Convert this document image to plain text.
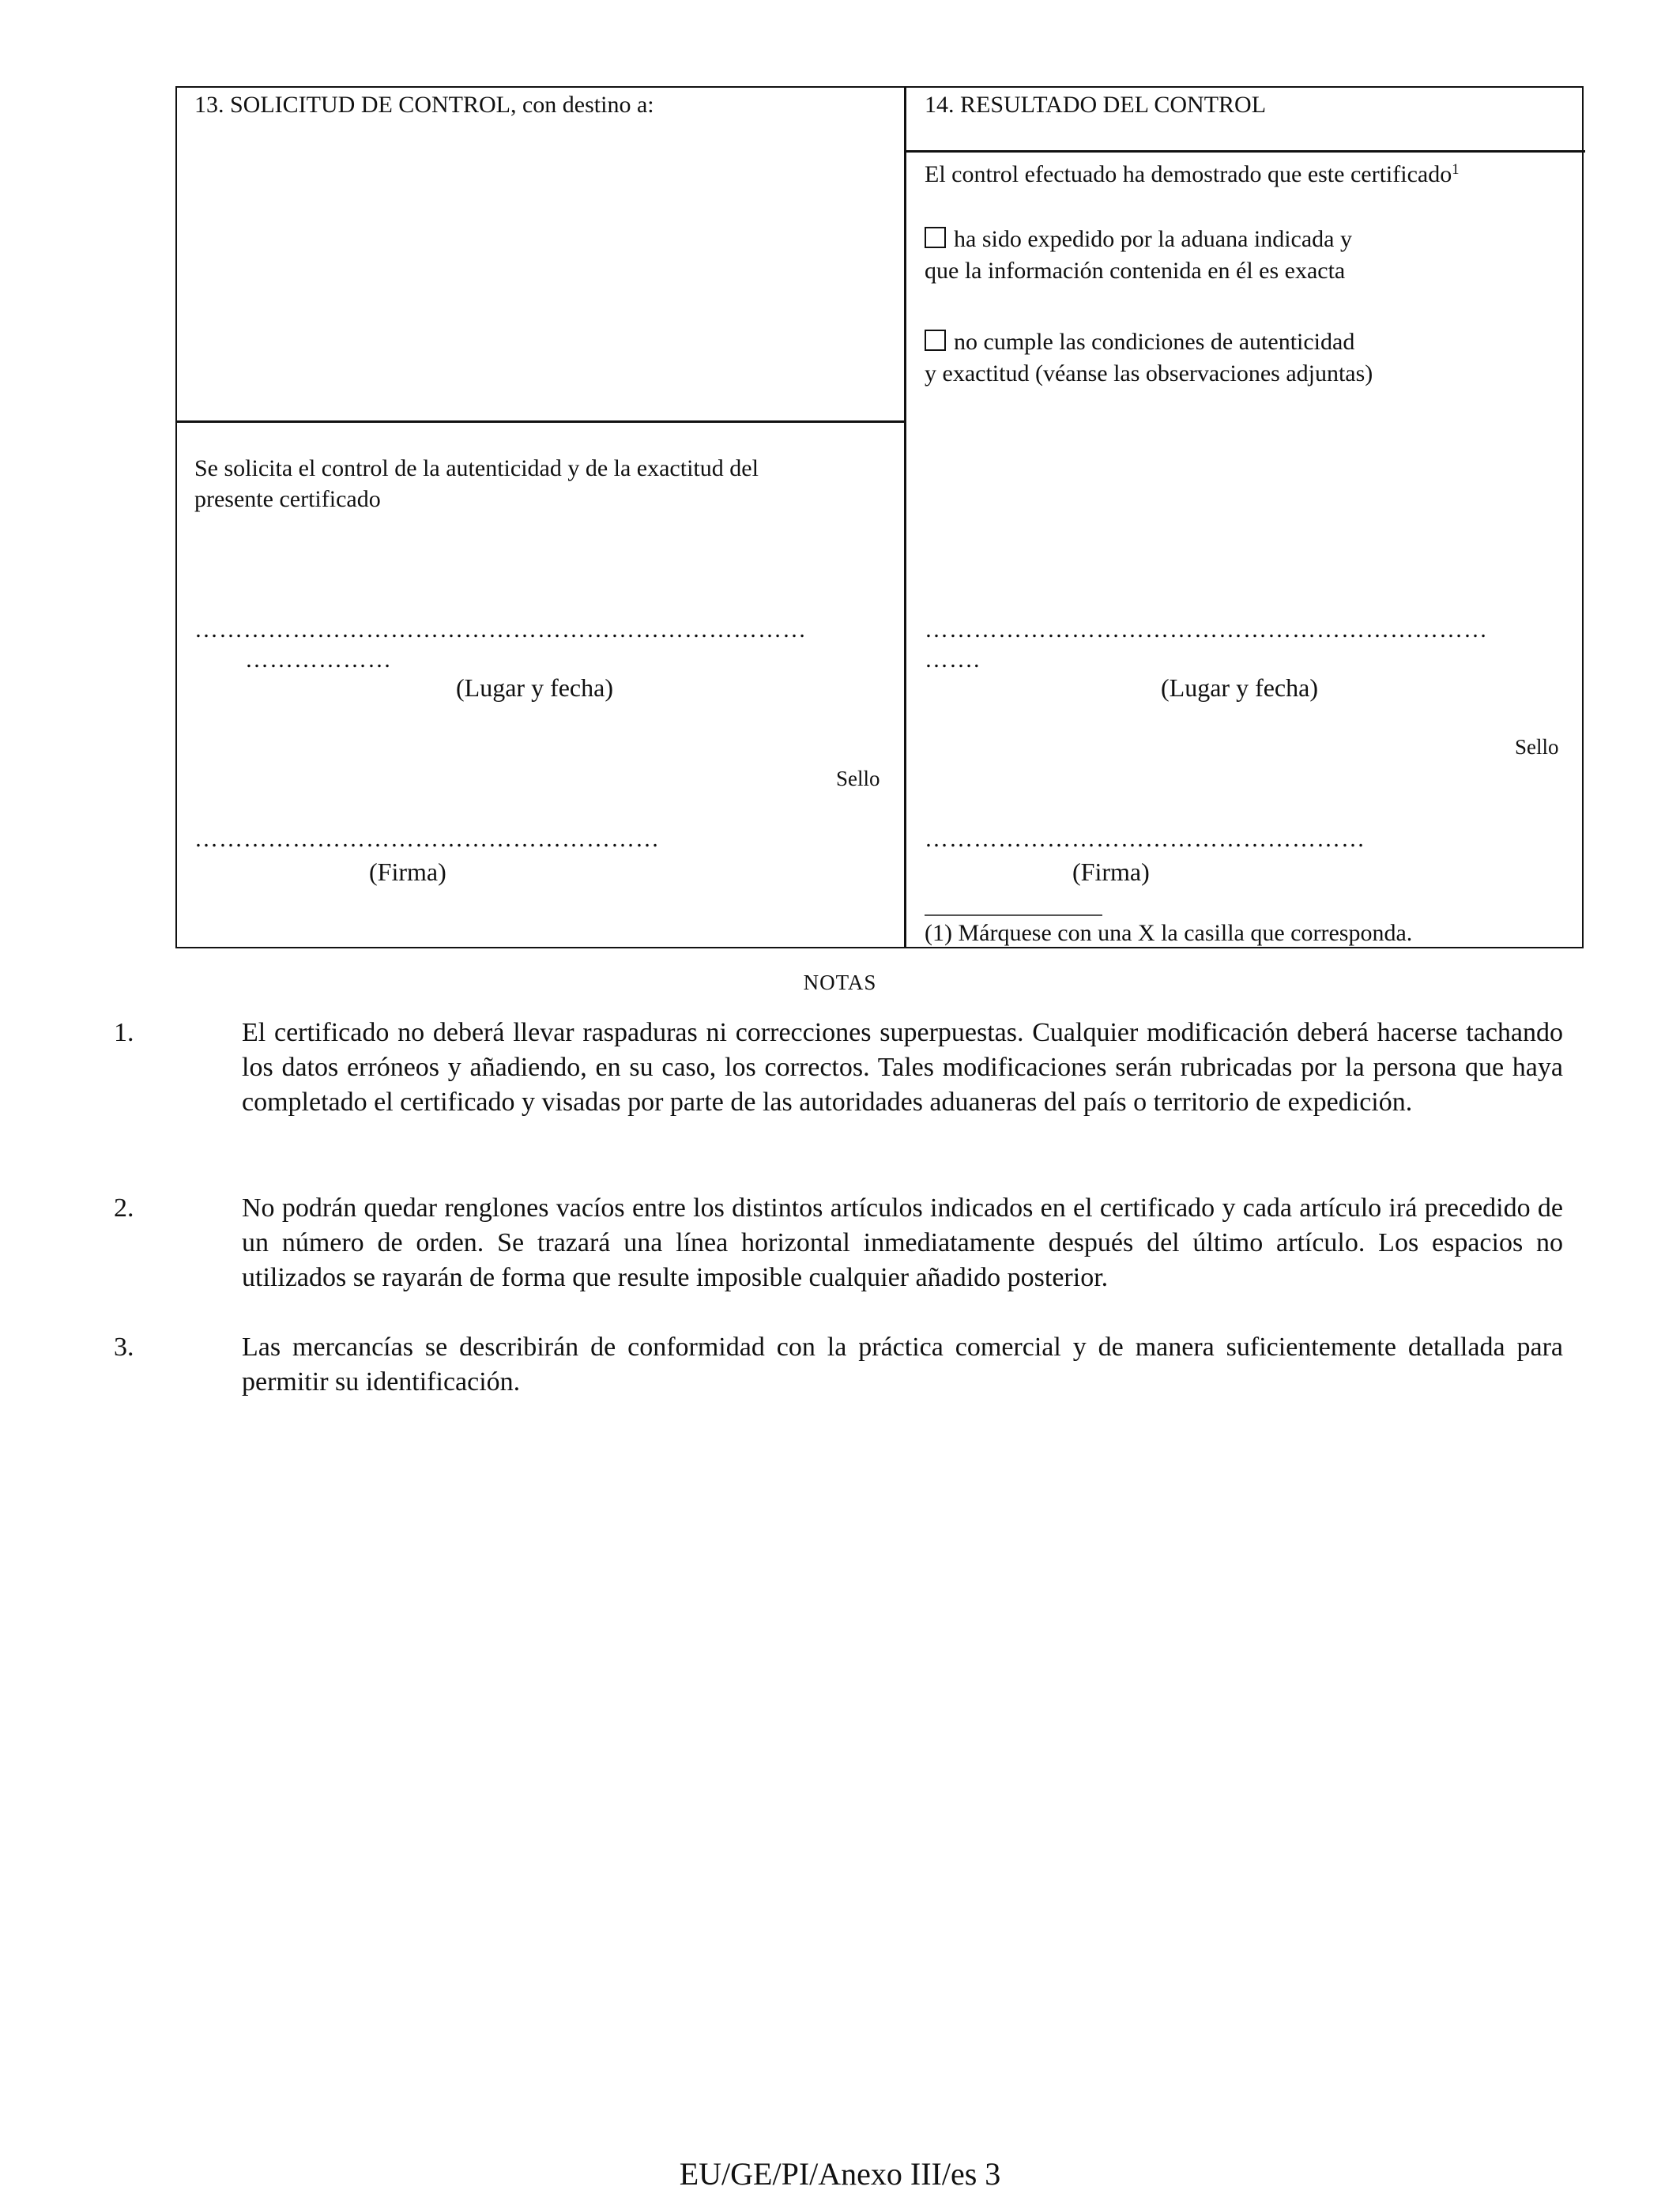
13. SOLICITUD DE CONTROL, con destino a:
Se solicita el control de la autenticidad y de la exactitud del
presente certificado
…………………………………………………………………
………………
(Lugar y fecha)
Sello
…………………………………………………
(Firma)
14. RESULTADO DEL CONTROL
El control efectuado ha demostrado que este certificado$^1$
ha sido expedido por la aduana indicada y
que la información contenida en él es exacta
no cumple las condiciones de autenticidad
y exactitud (véanse las observaciones adjuntas)
……………………………………………………………
…….
(Lugar y fecha)
Sello
………………………………………………
(Firma)
(1) Márquese con una X la casilla que corresponda.
NOTAS
1.	El certificado no deberá llevar raspaduras ni correcciones superpuestas. Cualquier modificación deberá hacerse tachando los datos erróneos y añadiendo, en su caso, los correctos. Tales modificaciones serán rubricadas por la persona que haya completado el certificado y visadas por parte de las autoridades aduaneras del país o territorio de expedición.
2.	No podrán quedar renglones vacíos entre los distintos artículos indicados en el certificado y cada artículo irá precedido de un número de orden. Se trazará una línea horizontal inmediatamente después del último artículo. Los espacios no utilizados se rayarán de forma que resulte imposible cualquier añadido posterior.
3.	Las mercancías se describirán de conformidad con la práctica comercial y de manera suficientemente detallada para permitir su identificación.
EU/GE/PI/Anexo III/es 3
